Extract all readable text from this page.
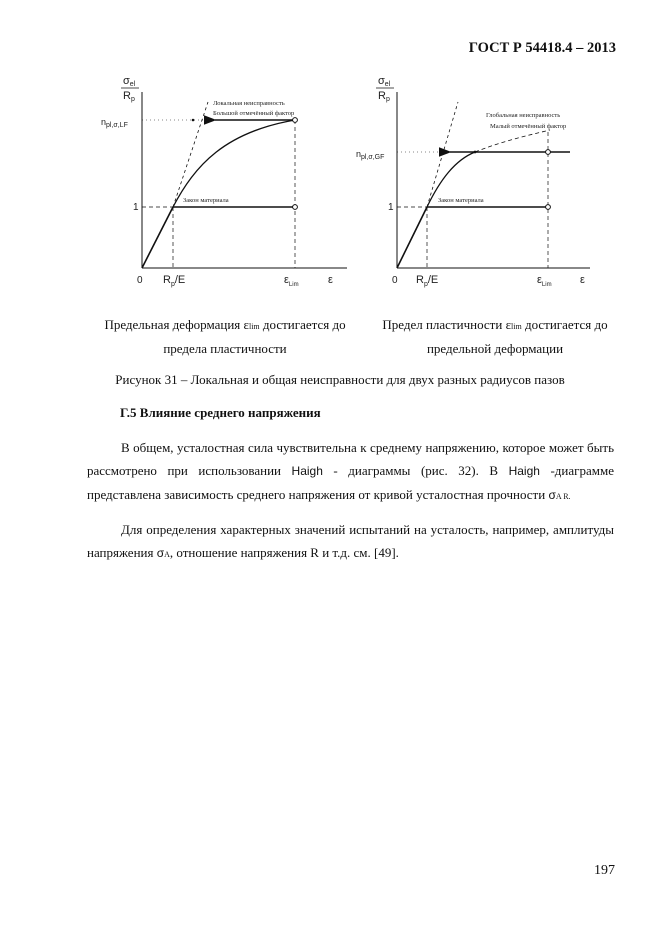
ГОСТ Р 54418.4 – 2013
σel
Rp
$n_{pl,\sigma,LF}$
1
0 $R_p/E$	$\varepsilon_{Lim}$	ε
Локальная неисправность
Большой отмечённый фактор
Закон материала
σel
Rp
$n_{pl,\sigma,GF}$
1
0 $R_p/E$	$\varepsilon_{Lim}$	ε
Глобальная неисправность
Малый отмечённый фактор
Закон материала
Предельная деформация εlim достигается до
предела пластичности
Предел пластичности εlim достигается до
предельной деформации
Рисунок 31 – Локальная и общая неисправности для двух разных радиусов пазов
Г.5 Влияние среднего напряжения
В общем, усталостная сила чувствительна к среднему напряжению, которое может быть рассмотрено при использовании Haigh - диаграммы (рис. 32). В Haigh -диаграмме представлена зависимость среднего напряжения от кривой усталостная прочности σA R.
Для определения характерных значений испытаний на усталость, например, амплитуды напряжения σA, отношение напряжения R и т.д. см. [49].
197
